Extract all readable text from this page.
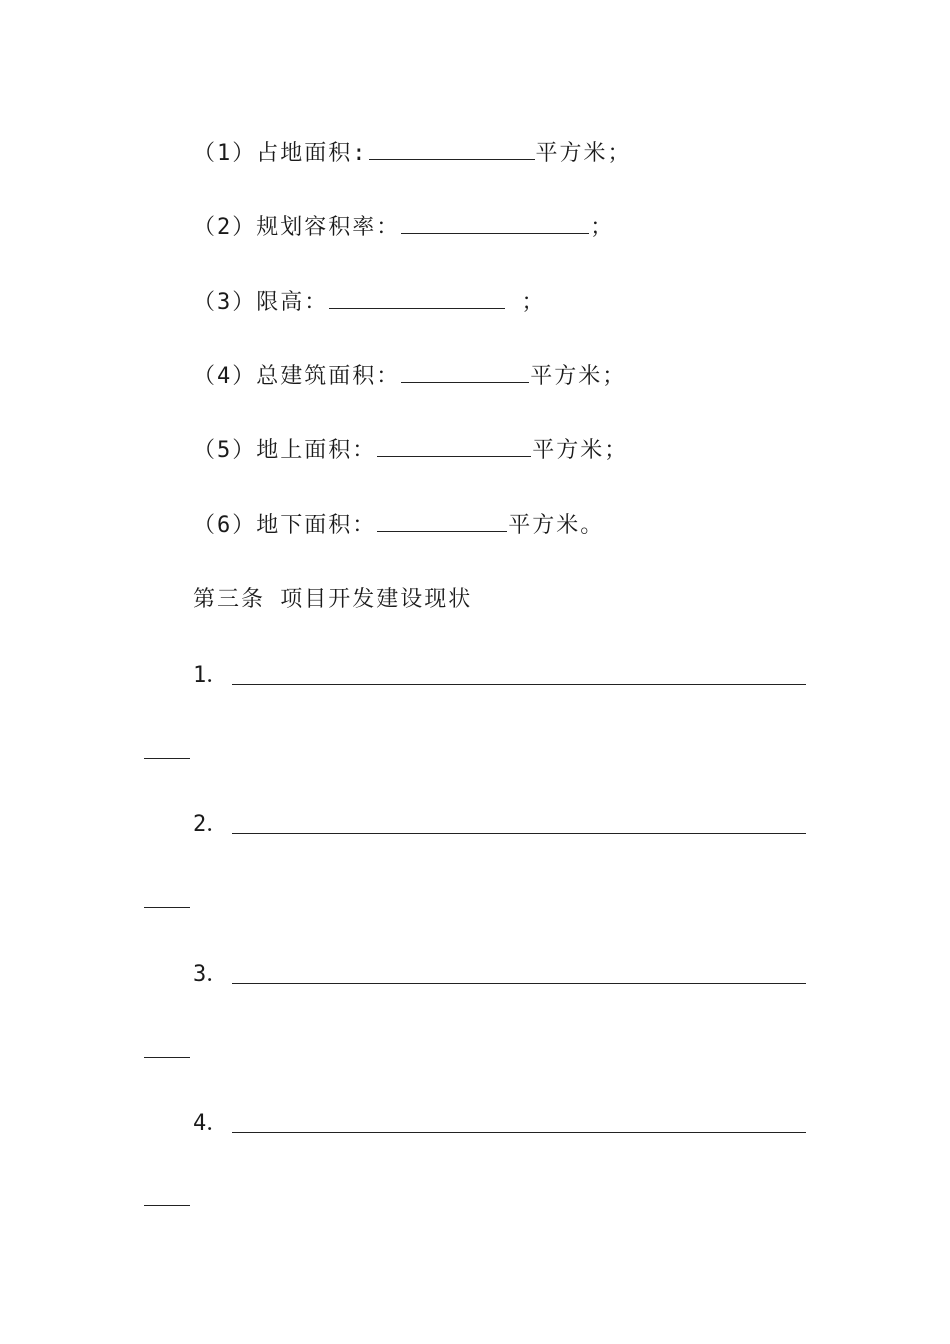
（1）占地面积:	平方米；
（2）规划容积率：	；
（3）限高：	；
（4）总建筑面积：	平方米；
（5）地上面积：	平方米；
（6）地下面积：	平方米。
第三条 项目开发建设现状
1．
2．
3．
4．
